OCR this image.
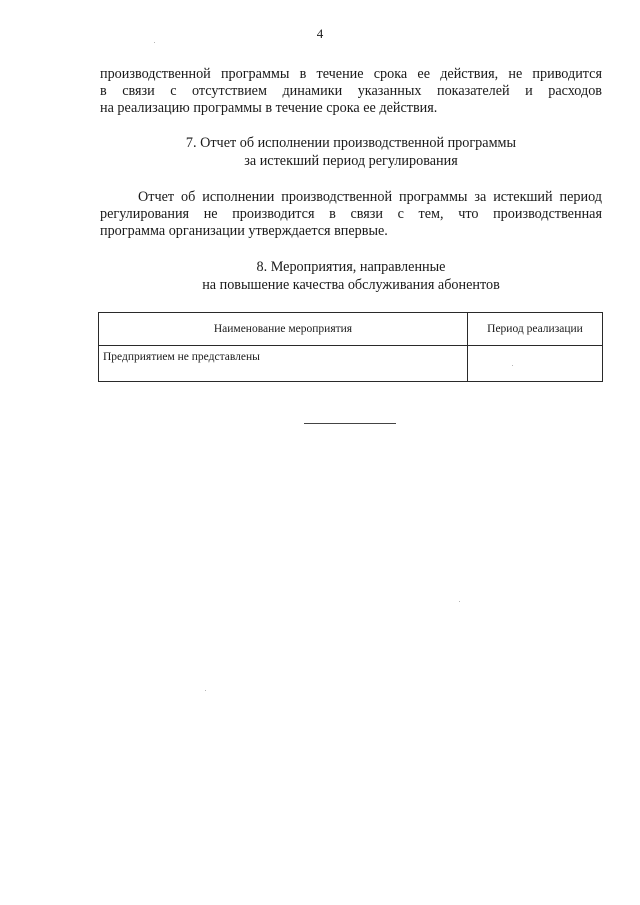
4
производственной программы в течение срока ее действия, не приводится
в связи с отсутствием динамики указанных показателей и расходов
на реализацию программы в течение срока ее действия.
7. Отчет об исполнении производственной программы
за истекший период регулирования
Отчет об исполнении производственной программы за истекший период
регулирования не производится в связи с тем, что производственная
программа организации утверждается впервые.
8. Мероприятия, направленные
на повышение качества обслуживания абонентов
Наименование мероприятия	Период реализации
Предприятием не представлены	
